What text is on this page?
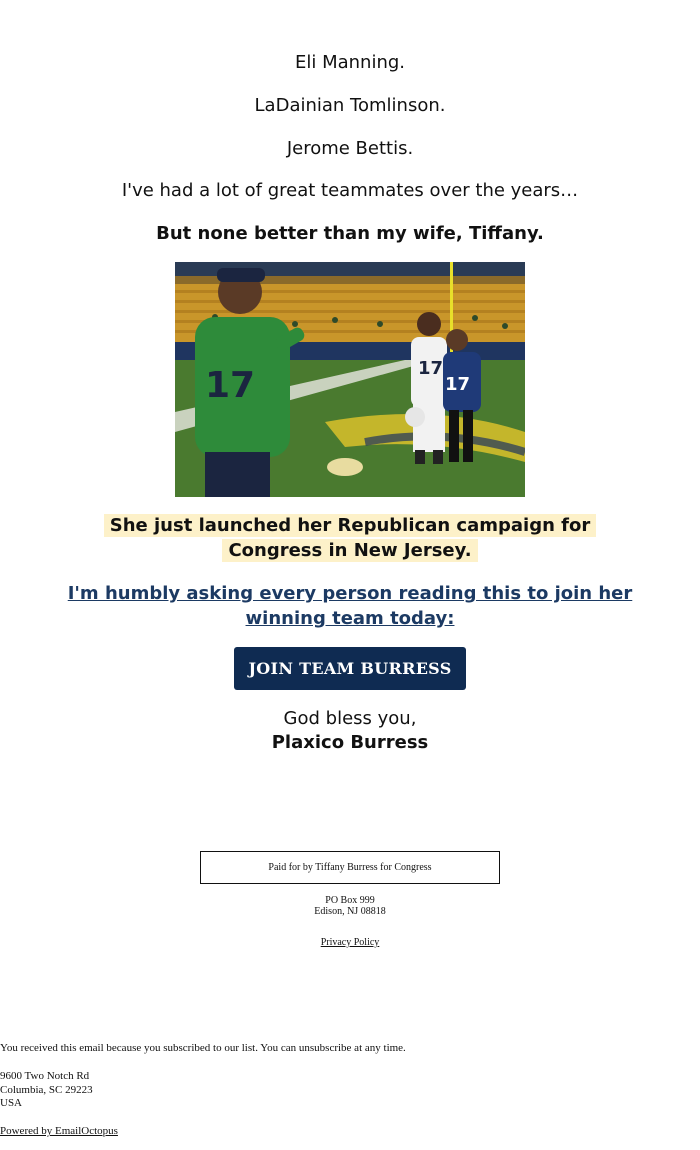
Eli Manning.

LaDainian Tomlinson.

Jerome Bettis.

I've had a lot of great teammates over the years…

But none better than my wife, Tiffany.

17	17
17
She just launched her Republican campaign for
Congress in New Jersey.
I'm humbly asking every person reading this to join her
winning team today:
JOIN TEAM BURRESS

God bless you,

Plaxico Burress

Paid for by Tiffany Burress for Congress
PO Box 999
Edison, NJ 08818
Privacy Policy
You received this email because you subscribed to our list. You can unsubscribe at any time.
9600 Two Notch Rd
Columbia, SC 29223
USA
Powered by EmailOctopus
